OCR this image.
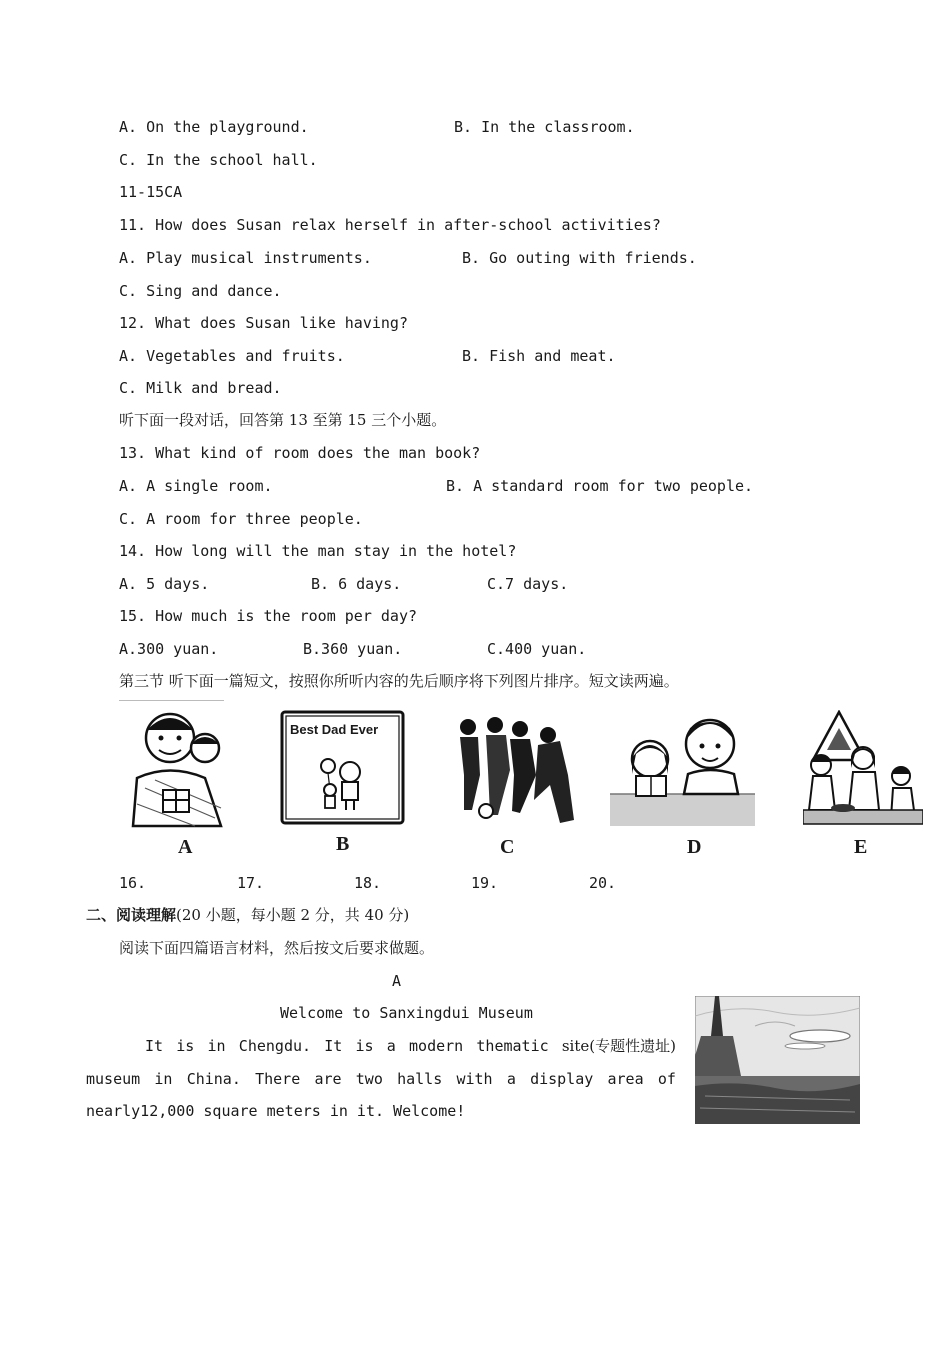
A. On the playground.	B. In the classroom.
C. In the school hall.
11-15CA
11. How does Susan relax herself in after-school activities?
A. Play musical instruments.	B. Go outing with friends.
C. Sing and dance.
12. What does Susan like having?
A. Vegetables and fruits.	B. Fish and meat.
C. Milk and bread.
听下面一段对话，回答第 13 至第 15 三个小题。
13. What kind of room does the man book?
A. A single room.	B. A standard room for two people.
C. A room for three people.
14. How long will the man stay in the hotel?
A. 5 days.	B. 6 days.	C.7 days.
15. How much is the room per day?
A.300 yuan.	B.360 yuan.	C.400 yuan.
第三节 听下面一篇短文，按照你所听内容的先后顺序将下列图片排序。短文读两遍。
A
Best Dad Ever
B	C	D	E
16.	17.	18.	19.	20.
二、阅读理解(20 小题，每小题 2 分，共 40 分)
阅读下面四篇语言材料，然后按文后要求做题。
A
Welcome to Sanxingdui Museum
It is in Chengdu. It is a modern thematic site(专题性遗址)
museum in China. There are two halls with a display area of
nearly12,000 square meters in it. Welcome!
